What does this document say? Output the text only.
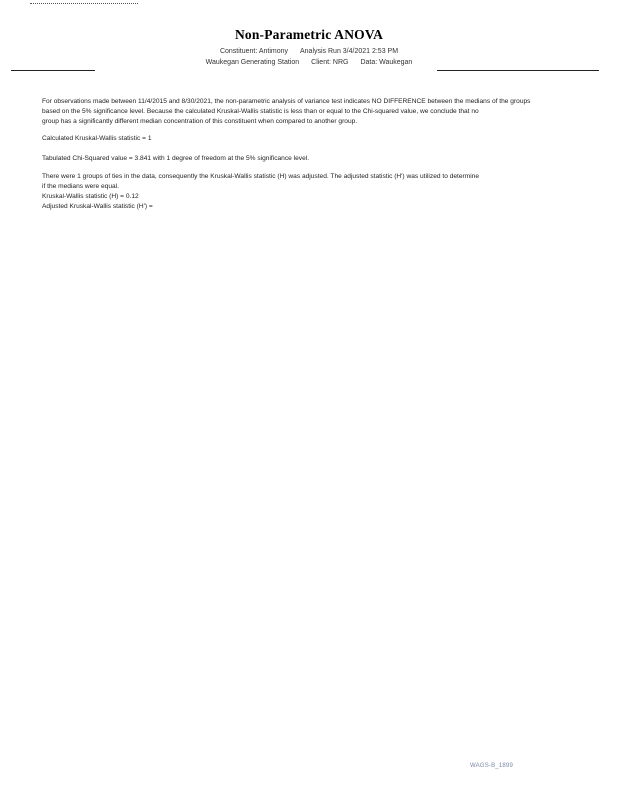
Non-Parametric ANOVA
Constituent: Antimony Analysis Run 3/4/2021 2:53 PM
Waukegan Generating Station Client: NRG Data: Waukegan
For observations made between 11/4/2015 and 8/30/2021, the non-parametric analysis of variance test indicates NO DIFFERENCE between the medians of the groups
based on the 5% significance level. Because the calculated Kruskal-Wallis statistic is less than or equal to the Chi-squared value, we conclude that no
group has a significantly different median concentration of this constituent when compared to another group.
Calculated Kruskal-Wallis statistic = 1
Tabulated Chi-Squared value = 3.841 with 1 degree of freedom at the 5% significance level.
There were 1 groups of ties in the data, consequently the Kruskal-Wallis statistic (H) was adjusted. The adjusted statistic (H') was utilized to determine
if the medians were equal.
Kruskal-Wallis statistic (H) = 0.12
Adjusted Kruskal-Wallis statistic (H') =
WAGS-B_1899
